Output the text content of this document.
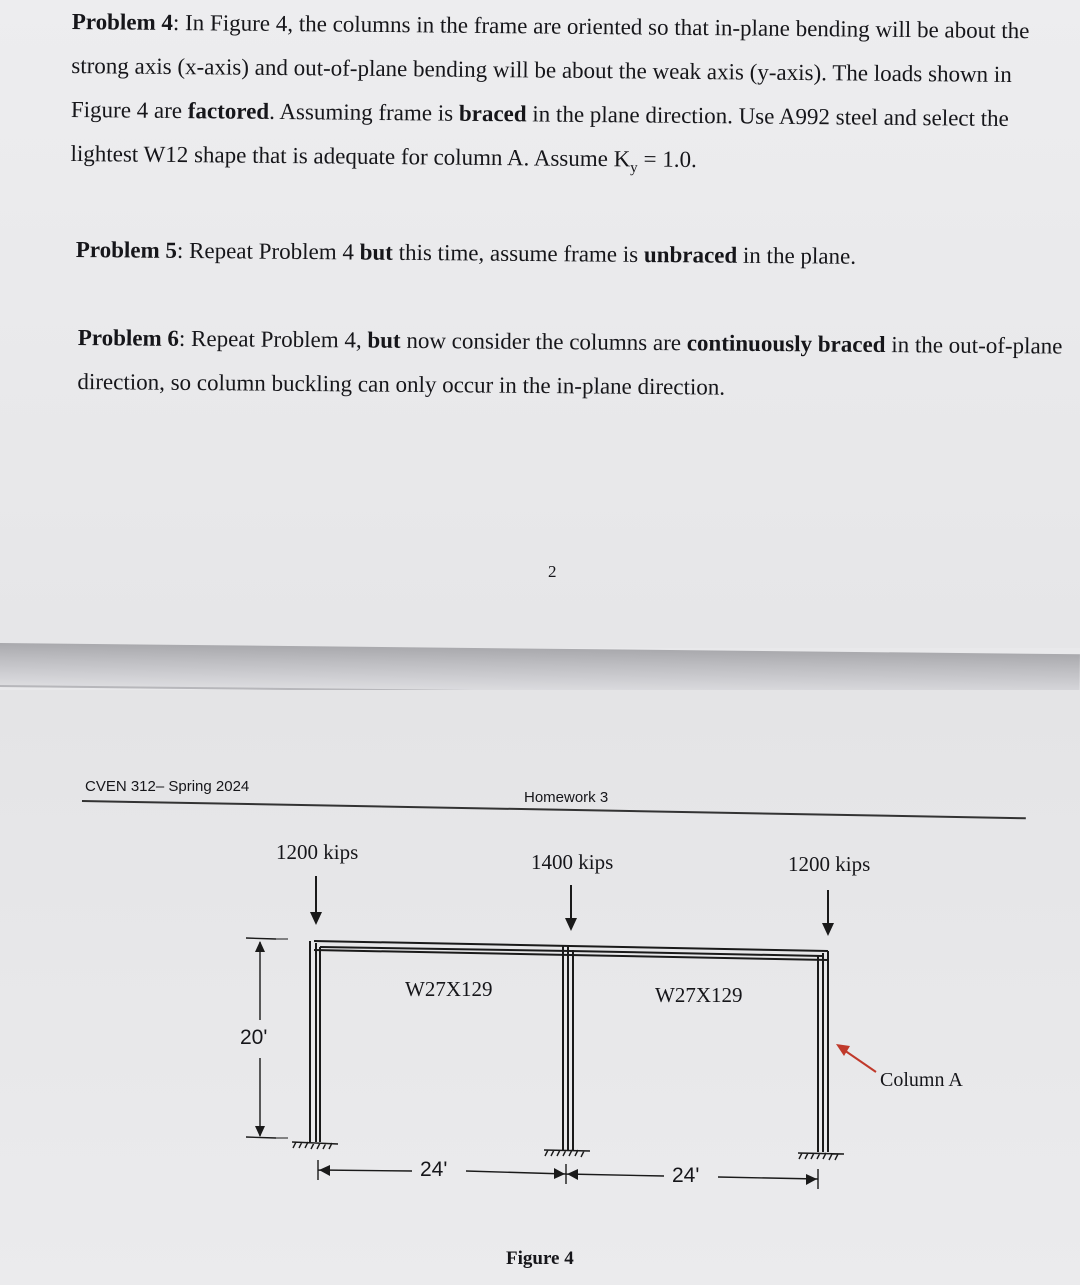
Problem 4: In Figure 4, the columns in the frame are oriented so that in-plane bending will be about the strong axis (x-axis) and out-of-plane bending will be about the weak axis (y-axis). The loads shown in Figure 4 are factored. Assuming frame is braced in the plane direction. Use A992 steel and select the lightest W12 shape that is adequate for column A. Assume $K_y = 1.0$.

Problem 5: Repeat Problem 4 but this time, assume frame is unbraced in the plane.

Problem 6: Repeat Problem 4, but now consider the columns are continuously braced in the out-of-plane direction, so column buckling can only occur in the in-plane direction.

2
CVEN 312– Spring 2024
Homework 3
1200 kips	1400 kips	1200 kips
W27X129	W27X129
20'
24'	24'
Column A
Figure 4
